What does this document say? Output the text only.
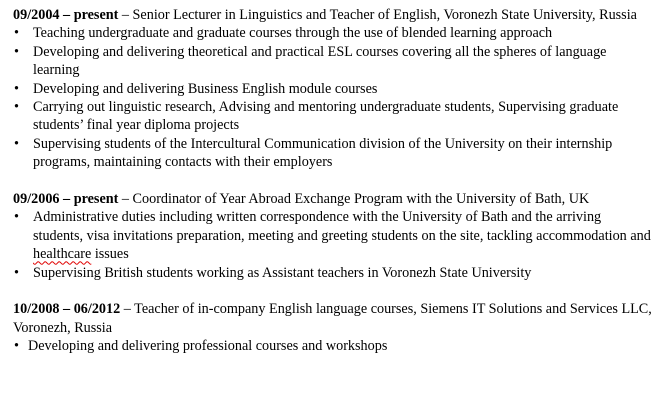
09/2004 – present – Senior Lecturer in Linguistics and Teacher of English, Voronezh State University, Russia

• Teaching undergraduate and graduate courses through the use of blended learning approach
• Developing and delivering theoretical and practical ESL courses covering all the spheres of language learning
• Developing and delivering Business English module courses
• Carrying out linguistic research, Advising and mentoring undergraduate students, Supervising graduate students’ final year diploma projects
• Supervising students of the Intercultural Communication division of the University on their internship programs, maintaining contacts with their employers

09/2006 – present – Coordinator of Year Abroad Exchange Program with the University of Bath, UK

• Administrative duties including written correspondence with the University of Bath and the arriving students, visa invitations preparation, meeting and greeting students on the site, tackling accommodation and healthcare issues
• Supervising British students working as Assistant teachers in Voronezh State University

10/2008 – 06/2012 – Teacher of in-company English language courses, Siemens IT Solutions and Services LLC, Voronezh, Russia

• Developing and delivering professional courses and workshops
